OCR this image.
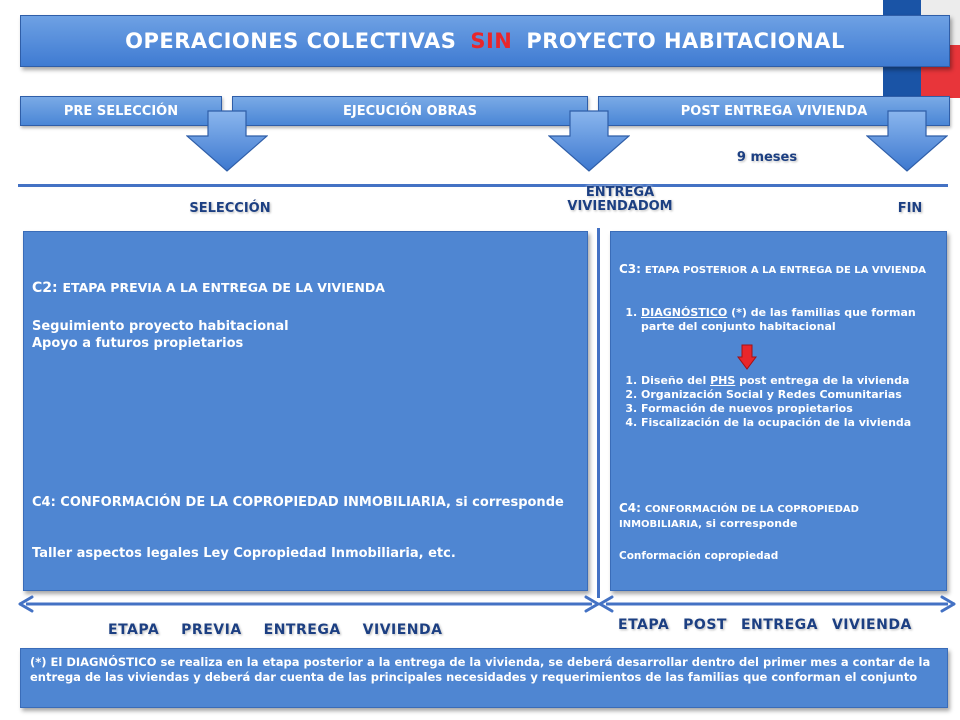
OPERACIONES COLECTIVAS SIN PROYECTO HABITACIONAL
PRE SELECCIÓN	EJECUCIÓN OBRAS	POST ENTREGA VIVIENDA
9 meses
SELECCIÓN
ENTREGA
VIVIENDADOM	FIN
C2: ETAPA PREVIA A LA ENTREGA DE LA VIVIENDA
Seguimiento proyecto habitacional
Apoyo a futuros propietarios
C4: CONFORMACIÓN DE LA COPROPIEDAD INMOBILIARIA, si corresponde
Taller aspectos legales Ley Copropiedad Inmobiliaria, etc.
C3: ETAPA POSTERIOR A LA ENTREGA DE LA VIVIENDA
1. DIAGNÓSTICO (*) de las familias que forman parte del conjunto habitacional
1. Diseño del PHS post entrega de la vivienda
2. Organización Social y Redes Comunitarias
3. Formación de nuevos propietarios
4. Fiscalización de la ocupación de la vivienda
C4: CONFORMACIÓN DE LA COPROPIEDAD INMOBILIARIA, si corresponde
Conformación copropiedad
ETAPA PREVIA ENTREGA VIVIENDA	ETAPA POST ENTREGA VIVIENDA
(*) El DIAGNÓSTICO se realiza en la etapa posterior a la entrega de la vivienda, se deberá desarrollar dentro del primer mes a contar de la entrega de las viviendas y deberá dar cuenta de las principales necesidades y requerimientos de las familias que conforman el conjunto
